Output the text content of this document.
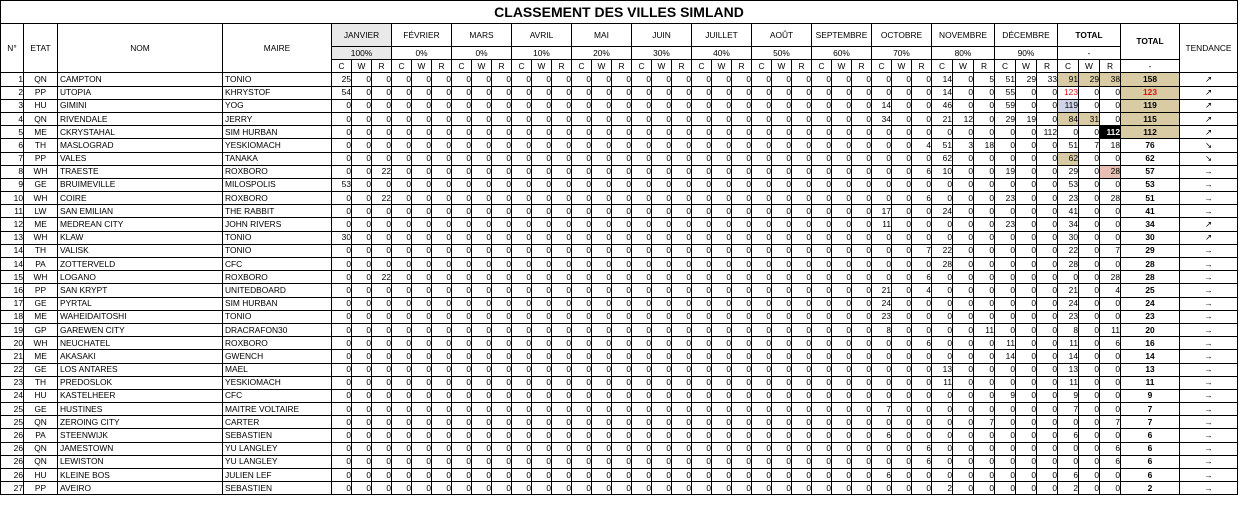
CLASSEMENT DES VILLES SIMLAND																																												
N°	ETAT	NOM	MAIRE	JANVIER			FÉVRIER			MARS			AVRIL			MAI			JUIN			JUILLET			AOÛT			SEPTEMBRE			OCTOBRE			NOVEMBRE			DÉCEMBRE			TOTAL			TOTAL	TENDANCE
				100%			0%			0%			10%			20%			30%			40%			50%			60%			70%			80%			90%			-				
				C	W	R	C	W	R	C	W	R	C	W	R	C	W	R	C	W	R	C	W	R	C	W	R	C	W	R	C	W	R	C	W	R	C	W	R	C	W	R	-	
1	QN	CAMPTON	TONIO	25	0	0	0	0	0	0	0	0	0	0	0	0	0	0	0	0	0	0	0	0	0	0	0	0	0	0	0	0	0	14	0	5	51	29	33	91	29	38	158	↗
2	PP	UTOPIA	KHRYSTOF	54	0	0	0	0	0	0	0	0	0	0	0	0	0	0	0	0	0	0	0	0	0	0	0	0	0	0	0	0	0	14	0	0	55	0	0	123	0	0	123	↗
3	HU	GIMINI	YOG	0	0	0	0	0	0	0	0	0	0	0	0	0	0	0	0	0	0	0	0	0	0	0	0	0	0	0	14	0	0	46	0	0	59	0	0	119	0	0	119	↗
4	QN	RIVENDALE	JERRY	0	0	0	0	0	0	0	0	0	0	0	0	0	0	0	0	0	0	0	0	0	0	0	0	0	0	0	34	0	0	21	12	0	29	19	0	84	31	0	115	↗
5	ME	CKRYSTAHAL	SIM HURBAN	0	0	0	0	0	0	0	0	0	0	0	0	0	0	0	0	0	0	0	0	0	0	0	0	0	0	0	0	0	0	0	0	0	0	0	112	0	0	112	112	↗
6	TH	MASLOGRAD	YESKIOMACH	0	0	0	0	0	0	0	0	0	0	0	0	0	0	0	0	0	0	0	0	0	0	0	0	0	0	0	0	0	4	51	3	18	0	0	0	51	7	18	76	↘
7	PP	VALES	TANAKA	0	0	0	0	0	0	0	0	0	0	0	0	0	0	0	0	0	0	0	0	0	0	0	0	0	0	0	0	0	0	62	0	0	0	0	0	62	0	0	62	↘
8	WH	TRAESTE	ROXBORO	0	0	22	0	0	0	0	0	0	0	0	0	0	0	0	0	0	0	0	0	0	0	0	0	0	0	0	0	0	6	10	0	0	19	0	0	29	0	28	57	→
9	GE	BRUIMEVILLE	MILOSPOLIS	53	0	0	0	0	0	0	0	0	0	0	0	0	0	0	0	0	0	0	0	0	0	0	0	0	0	0	0	0	0	0	0	0	0	0	0	53	0	0	53	→
10	WH	COIRE	ROXBORO	0	0	22	0	0	0	0	0	0	0	0	0	0	0	0	0	0	0	0	0	0	0	0	0	0	0	0	0	0	6	0	0	0	23	0	0	23	0	28	51	→
11	LW	SAN EMILIAN	THE RABBIT	0	0	0	0	0	0	0	0	0	0	0	0	0	0	0	0	0	0	0	0	0	0	0	0	0	0	0	17	0	0	24	0	0	0	0	0	41	0	0	41	→
12	ME	MEDREAN CITY	JOHN RIVERS	0	0	0	0	0	0	0	0	0	0	0	0	0	0	0	0	0	0	0	0	0	0	0	0	0	0	0	11	0	0	0	0	0	23	0	0	34	0	0	34	↗
13	WH	KLAW	TONIO	30	0	0	0	0	0	0	0	0	0	0	0	0	0	0	0	0	0	0	0	0	0	0	0	0	0	0	0	0	0	0	0	0	0	0	0	30	0	0	30	↗
14	TH	VALISK	TONIO	0	0	0	0	0	0	0	0	0	0	0	0	0	0	0	0	0	0	0	0	0	0	0	0	0	0	0	0	0	7	22	0	0	0	0	0	22	0	7	29	→
14	PA	ZOTTERVELD	CFC	0	0	0	0	0	0	0	0	0	0	0	0	0	0	0	0	0	0	0	0	0	0	0	0	0	0	0	0	0	0	28	0	0	0	0	0	28	0	0	28	→
15	WH	LOGANO	ROXBORO	0	0	22	0	0	0	0	0	0	0	0	0	0	0	0	0	0	0	0	0	0	0	0	0	0	0	0	0	0	6	0	0	0	0	0	0	0	0	28	28	→
16	PP	SAN KRYPT	UNITEDBOARD	0	0	0	0	0	0	0	0	0	0	0	0	0	0	0	0	0	0	0	0	0	0	0	0	0	0	0	21	0	4	0	0	0	0	0	0	21	0	4	25	→
17	GE	PYRTAL	SIM HURBAN	0	0	0	0	0	0	0	0	0	0	0	0	0	0	0	0	0	0	0	0	0	0	0	0	0	0	0	24	0	0	0	0	0	0	0	0	24	0	0	24	→
18	ME	WAHEIDAITOSHI	TONIO	0	0	0	0	0	0	0	0	0	0	0	0	0	0	0	0	0	0	0	0	0	0	0	0	0	0	0	23	0	0	0	0	0	0	0	0	23	0	0	23	→
19	GP	GAREWEN CITY	DRACRAFON30	0	0	0	0	0	0	0	0	0	0	0	0	0	0	0	0	0	0	0	0	0	0	0	0	0	0	0	8	0	0	0	0	11	0	0	0	8	0	11	20	→
20	WH	NEUCHATEL	ROXBORO	0	0	0	0	0	0	0	0	0	0	0	0	0	0	0	0	0	0	0	0	0	0	0	0	0	0	0	0	0	6	0	0	0	11	0	0	11	0	6	16	→
21	ME	AKASAKI	GWENCH	0	0	0	0	0	0	0	0	0	0	0	0	0	0	0	0	0	0	0	0	0	0	0	0	0	0	0	0	0	0	0	0	0	14	0	0	14	0	0	14	→
22	GE	LOS ANTARES	MAEL	0	0	0	0	0	0	0	0	0	0	0	0	0	0	0	0	0	0	0	0	0	0	0	0	0	0	0	0	0	0	13	0	0	0	0	0	13	0	0	13	→
23	TH	PREDOSLOK	YESKIOMACH	0	0	0	0	0	0	0	0	0	0	0	0	0	0	0	0	0	0	0	0	0	0	0	0	0	0	0	0	0	0	11	0	0	0	0	0	11	0	0	11	→
24	HU	KASTELHEER	CFC	0	0	0	0	0	0	0	0	0	0	0	0	0	0	0	0	0	0	0	0	0	0	0	0	0	0	0	0	0	0	0	0	0	9	0	0	9	0	0	9	→
25	GE	HUSTINES	MAITRE VOLTAIRE	0	0	0	0	0	0	0	0	0	0	0	0	0	0	0	0	0	0	0	0	0	0	0	0	0	0	0	7	0	0	0	0	0	0	0	0	7	0	0	7	→
25	QN	ZEROING CITY	CARTER	0	0	0	0	0	0	0	0	0	0	0	0	0	0	0	0	0	0	0	0	0	0	0	0	0	0	0	0	0	0	0	0	7	0	0	0	0	0	7	7	→
26	PA	STEENWIJK	SEBASTIEN	0	0	0	0	0	0	0	0	0	0	0	0	0	0	0	0	0	0	0	0	0	0	0	0	0	0	0	6	0	0	0	0	0	0	0	0	6	0	0	6	→
26	QN	JAMESTOWN	YU LANGLEY	0	0	0	0	0	0	0	0	0	0	0	0	0	0	0	0	0	0	0	0	0	0	0	0	0	0	0	0	0	6	0	0	0	0	0	0	0	0	6	6	→
26	QN	LEWISTON	YU LANGLEY	0	0	0	0	0	0	0	0	0	0	0	0	0	0	0	0	0	0	0	0	0	0	0	0	0	0	0	0	0	6	0	0	0	0	0	0	0	0	6	6	→
26	HU	KLEINE BOS	JULIEN LEF	0	0	0	0	0	0	0	0	0	0	0	0	0	0	0	0	0	0	0	0	0	0	0	0	0	0	0	6	0	0	0	0	0	0	0	0	6	0	0	6	→
27	PP	AVEIRO	SEBASTIEN	0	0	0	0	0	0	0	0	0	0	0	0	0	0	0	0	0	0	0	0	0	0	0	0	0	0	0	0	0	0	2	0	0	0	0	0	2	0	0	2	→
